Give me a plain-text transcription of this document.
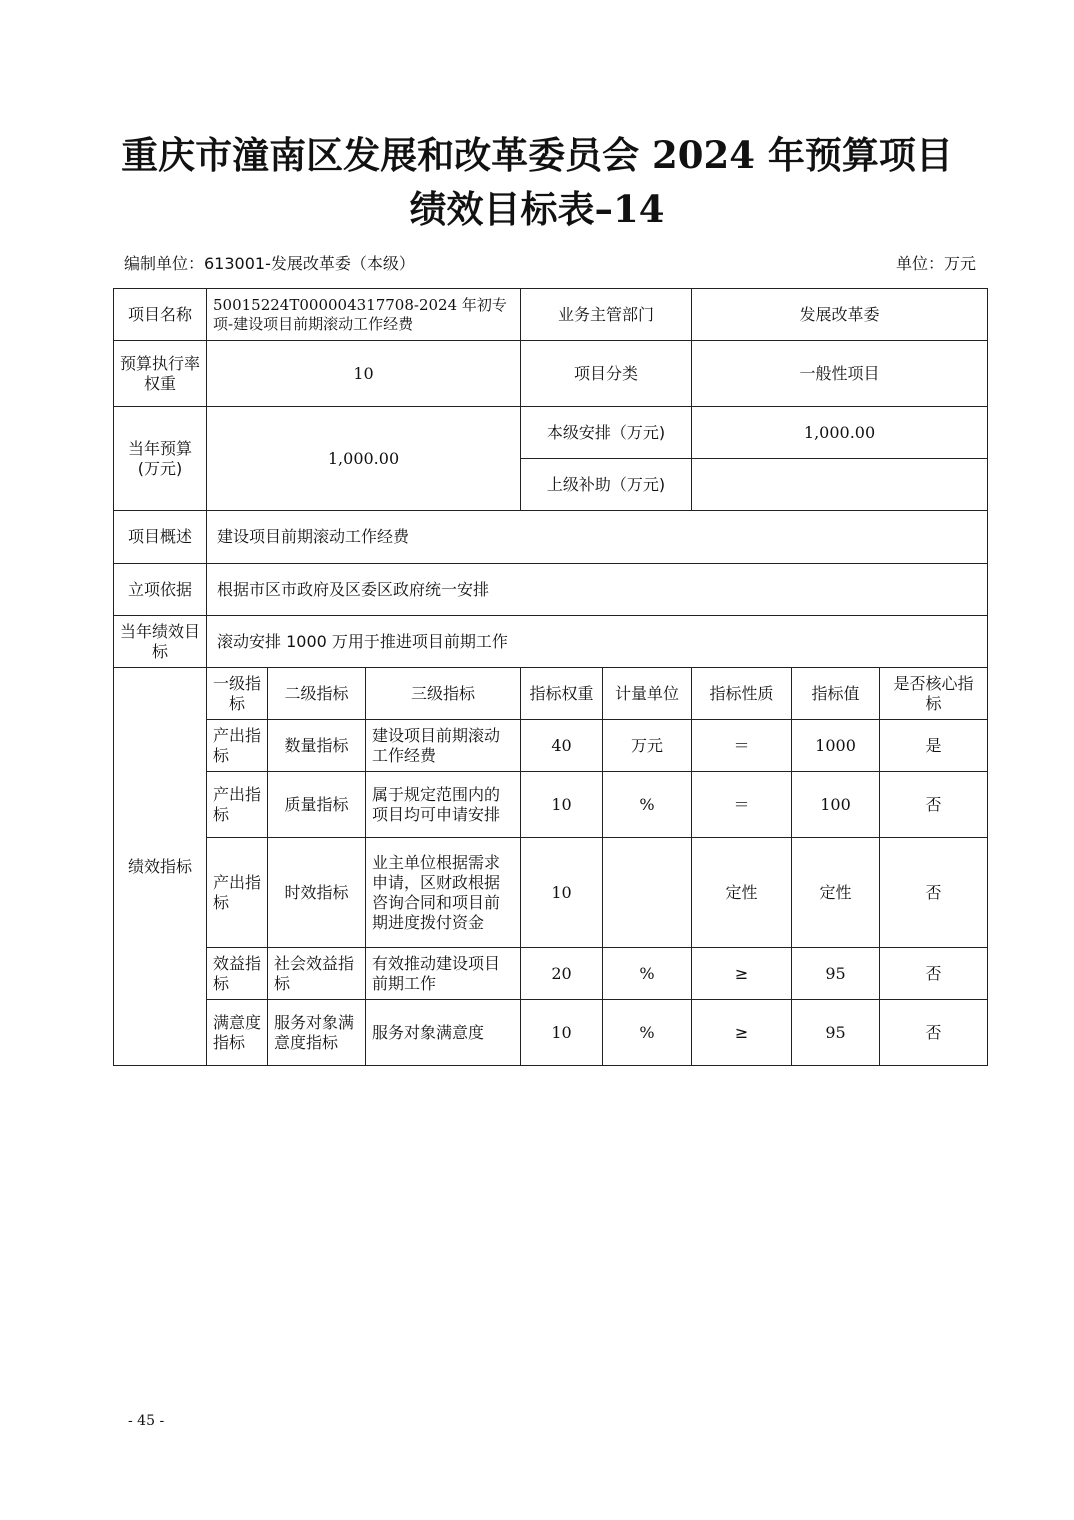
重庆市潼南区发展和改革委员会 2024 年预算项目
绩效目标表–14
编制单位：613001-发展改革委（本级）	单位：万元
项目名称	50015224T000004317708-2024 年初专项-建设项目前期滚动工作经费			业务主管部门		发展改革委		
预算执行率权重	10			项目分类		一般性项目		
当年预算(万元)	1,000.00			本级安排（万元)		1,000.00		
				上级补助（万元)				
项目概述	建设项目前期滚动工作经费							
立项依据	根据市区市政府及区委区政府统一安排							
当年绩效目标	滚动安排 1000 万用于推进项目前期工作							
绩效指标	一级指标	二级指标	三级指标	指标权重	计量单位	指标性质	指标值	是否核心指标
	产出指标	数量指标	建设项目前期滚动工作经费	40	万元	＝	1000	是
	产出指标	质量指标	属于规定范围内的项目均可申请安排	10	%	＝	100	否
	产出指标	时效指标	业主单位根据需求申请，区财政根据咨询合同和项目前期进度拨付资金	10		定性	定性	否
	效益指标	社会效益指标	有效推动建设项目前期工作	20	%	≥	95	否
	满意度指标	服务对象满意度指标	服务对象满意度	10	%	≥	95	否
- 45 -
